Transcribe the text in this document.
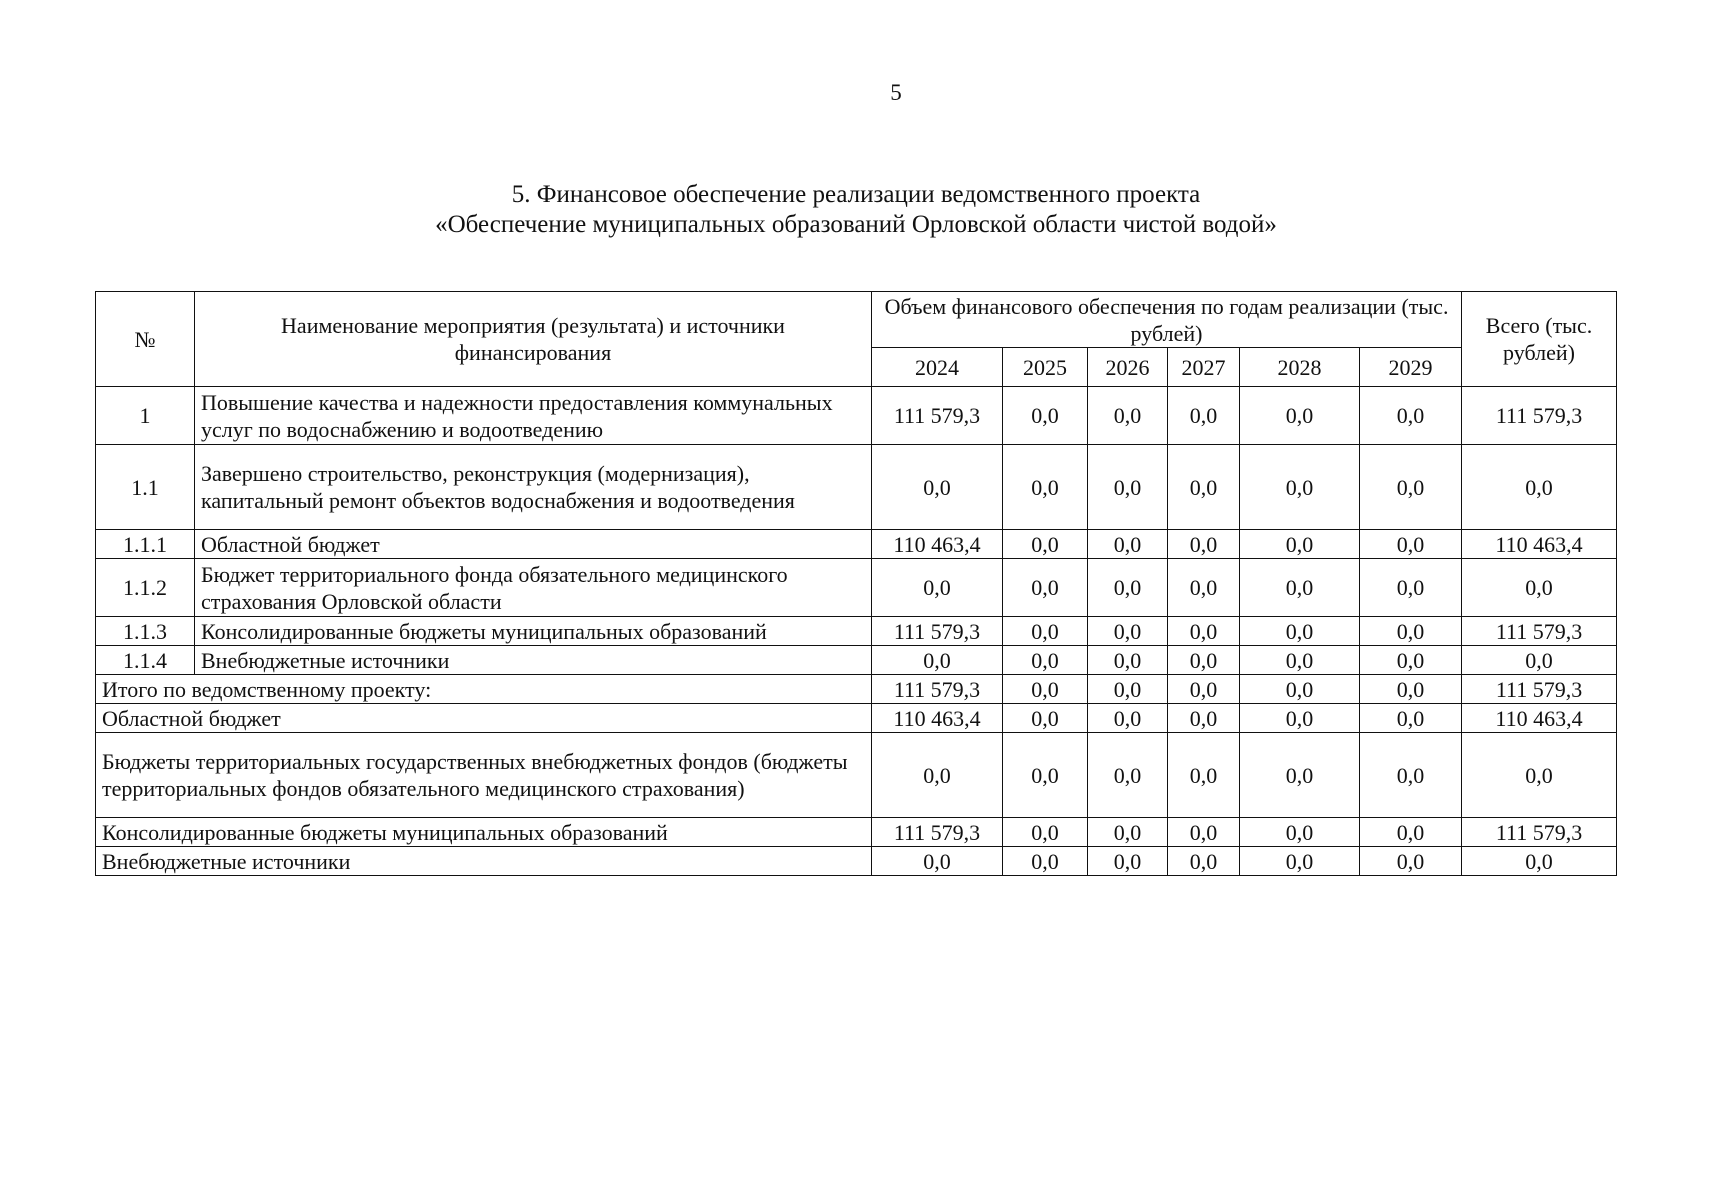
5
5. Финансовое обеспечение реализации ведомственного проекта
«Обеспечение муниципальных образований Орловской области чистой водой»
№	Наименование мероприятия (результата) и источники финансирования	Объем финансового обеспечения по годам реализации (тыс. рублей)						Всего (тыс. рублей)
		2024	2025	2026	2027	2028	2029	
1	Повышение качества и надежности предоставления коммунальных услуг по водоснабжению и водоотведению	111 579,3	0,0	0,0	0,0	0,0	0,0	111 579,3
1.1	Завершено строительство, реконструкция (модернизация), капитальный ремонт объектов водоснабжения и водоотведения	0,0	0,0	0,0	0,0	0,0	0,0	0,0
1.1.1	Областной бюджет	110 463,4	0,0	0,0	0,0	0,0	0,0	110 463,4
1.1.2	Бюджет территориального фонда обязательного медицинского страхования Орловской области	0,0	0,0	0,0	0,0	0,0	0,0	0,0
1.1.3	Консолидированные бюджеты муниципальных образований	111 579,3	0,0	0,0	0,0	0,0	0,0	111 579,3
1.1.4	Внебюджетные источники	0,0	0,0	0,0	0,0	0,0	0,0	0,0
Итого по ведомственному проекту:		111 579,3	0,0	0,0	0,0	0,0	0,0	111 579,3
Областной бюджет		110 463,4	0,0	0,0	0,0	0,0	0,0	110 463,4
Бюджеты территориальных государственных внебюджетных фондов (бюджеты территориальных фондов обязательного медицинского страхования)		0,0	0,0	0,0	0,0	0,0	0,0	0,0
Консолидированные бюджеты муниципальных образований		111 579,3	0,0	0,0	0,0	0,0	0,0	111 579,3
Внебюджетные источники		0,0	0,0	0,0	0,0	0,0	0,0	0,0
